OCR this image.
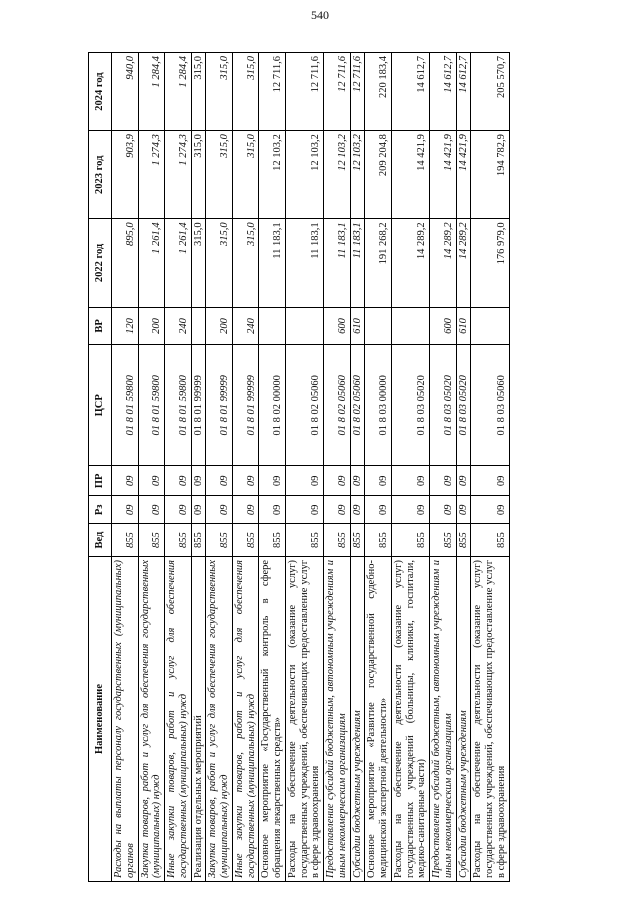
540
Наименование	Вед	Рз	ПР	ЦСР	ВР	2022 год	2023 год	2024 год
Расходы на выплаты персоналу государственных (муниципальных) органов	855	09	09	01 8 01 59800	120	895,0	903,9	940,0
Закупка товаров, работ и услуг для обеспечения государственных (муниципальных) нужд	855	09	09	01 8 01 59800	200	1 261,4	1 274,3	1 284,4
Иные закупки товаров, работ и услуг для обеспечения государственных (муниципальных) нужд	855	09	09	01 8 01 59800	240	1 261,4	1 274,3	1 284,4
Реализация отдельных мероприятий	855	09	09	01 8 01 99999		315,0	315,0	315,0
Закупка товаров, работ и услуг для обеспечения государственных (муниципальных) нужд	855	09	09	01 8 01 99999	200	315,0	315,0	315,0
Иные закупки товаров, работ и услуг для обеспечения государственных (муниципальных) нужд	855	09	09	01 8 01 99999	240	315,0	315,0	315,0
Основное мероприятие «Государственный контроль в сфере обращения лекарственных средств»	855	09	09	01 8 02 00000		11 183,1	12 103,2	12 711,6
Расходы на обеспечение деятельности (оказание услуг) государственных учреждений, обеспечивающих предоставление услуг в сфере здравоохранения	855	09	09	01 8 02 05060		11 183,1	12 103,2	12 711,6
Предоставление субсидий бюджетным, автономным учреждениям и иным некоммерческим организациям	855	09	09	01 8 02 05060	600	11 183,1	12 103,2	12 711,6
Субсидии бюджетным учреждениям	855	09	09	01 8 02 05060	610	11 183,1	12 103,2	12 711,6
Основное мероприятие «Развитие государственной судебно-медицинской экспертной деятельности»	855	09	09	01 8 03 00000		191 268,2	209 204,8	220 183,4
Расходы на обеспечение деятельности (оказание услуг) государственных учреждений (больницы, клиники, госпитали, медико-санитарные части)	855	09	09	01 8 03 05020		14 289,2	14 421,9	14 612,7
Предоставление субсидий бюджетным, автономным учреждениям и иным некоммерческим организациям	855	09	09	01 8 03 05020	600	14 289,2	14 421,9	14 612,7
Субсидии бюджетным учреждениям	855	09	09	01 8 03 05020	610	14 289,2	14 421,9	14 612,7
Расходы на обеспечение деятельности (оказание услуг) государственных учреждений, обеспечивающих предоставление услуг в сфере здравоохранения	855	09	09	01 8 03 05060		176 979,0	194 782,9	205 570,7
